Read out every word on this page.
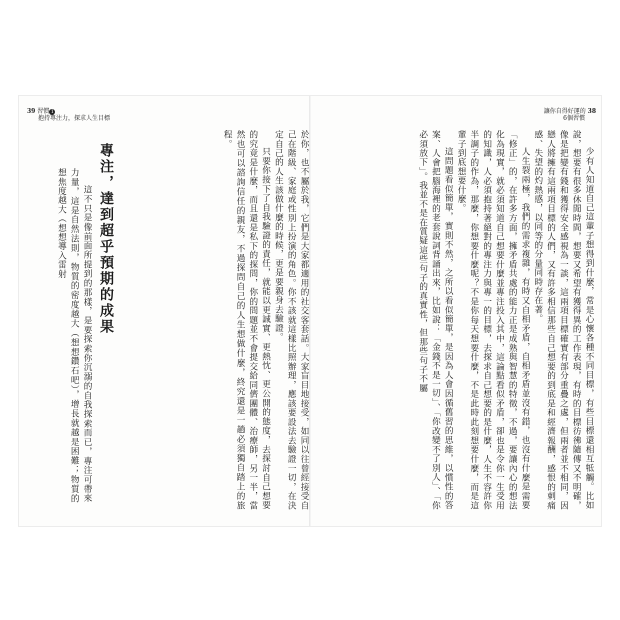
39 習慣1
抱持專注力，探求人生目標
讓你自得好運的 38
6個習慣

少有人知道自己這輩子想得到什麼，常是心懷各種不同目標，有些目標還相互牴觸。比如說，想要有很多休閒時間，想要又希望有獲得異的工作表現，有時的目標彷彿隨傳又不明確，像是把變有錢和獲得安全感視為一談，這兩項目標確實有部分重疊之處，但兩者並不相同，因戀人將擁有這兩項目標的人們，又有許多相信那些自己想要的到底是和經濟報酬，感恨的刺痛感、失望的灼熱感，以同等的分量同時存在著。

人生裂兩極，我們的需求複雜，有時又自相矛盾，自相矛盾並沒有錯，也沒有什麼是需要「修正」的，在許多方面，擁矛盾共處的能力正是成熟與智慧的特徵，不過，要讓內心的想法化為現實，就必須知道自己想要什麼並專注投入其中，這論點看似矛盾，卻也是令你一生受用的知識，人必須抱持著絕對的專注力與專一的目標，去探求自己想要的是什麼，人生不容許你半調子的作為，那麼，你想要什麼呢？不是你每天想要什麼，不是此時此刻想要什麼，而是這輩子到底想要什麼。

這問題看似簡單，實則不然，之所以看似簡單，是因為人會因循舊習的思維，以慣性的答案、人會把腦海裡的老套說詞背誦出來，比如說：「金錢不是一切」、「你改變不了別人」、「你必須放下」。我並不是在質疑這些句子的真實性，但那些句子不屬

於你，也不屬於我，它們是大家都適用的社交客套話。大家盲目地接受，如同以往曾經接受自己在階級、家庭或性別上扮演的角色。你不該就這樣比照辦理，應該要設法去驗證一切，在決定自己的人生該做什麼的時候，更是要親身去驗證。

只要你接下了自我驗證的責任，就能以更誠實、更熱忱、更公開的態度，去探討自己想要的究竟是什麼，而且還是私下的探問，你的問題並不會提交給同儕團體、治療師，另一半，當然也可以諮詢信任的親友，不過探問自己的人生想做什麼，終究還是一趟必須獨自踏上的旅程。

專注，達到超乎預期的成果

這不只是像前面所提到的那樣，是要探索你沉溺的自我探索而已，專注可帶來力量，這是自然法則，物質的密度越大（想想鑽石吧），增長就越是困難；物質的想焦度越大（想想導入雷射
